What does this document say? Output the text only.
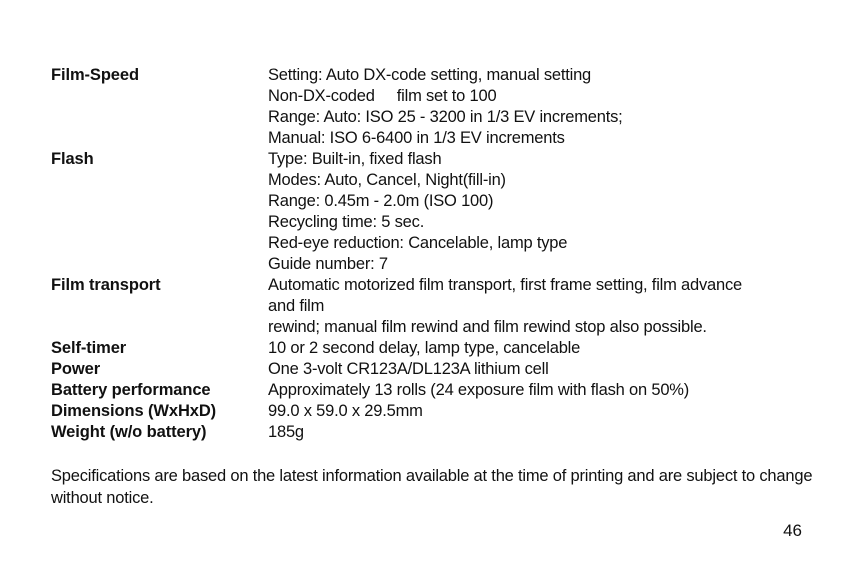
Film-Speed	Setting: Auto DX-code setting, manual setting
Non-DX-coded film set to 100
Range: Auto: ISO 25 - 3200 in 1/3 EV increments;
Manual: ISO 6-6400 in 1/3 EV increments
Flash	Type: Built-in, fixed flash
Modes: Auto, Cancel, Night(fill-in)
Range: 0.45m - 2.0m (ISO 100)
Recycling time: 5 sec.
Red-eye reduction: Cancelable, lamp type
Guide number: 7
Film transport	Automatic motorized film transport, first frame setting, film advance
and film
rewind; manual film rewind and film rewind stop also possible.
Self-timer	10 or 2 second delay, lamp type, cancelable
Power	One 3-volt CR123A/DL123A lithium cell
Battery performance	Approximately 13 rolls (24 exposure film with flash on 50%)
Dimensions (WxHxD)	99.0 x 59.0 x 29.5mm
Weight (w/o battery)	185g
Specifications are based on the latest information available at the time of printing and are subject to change without notice.
46
